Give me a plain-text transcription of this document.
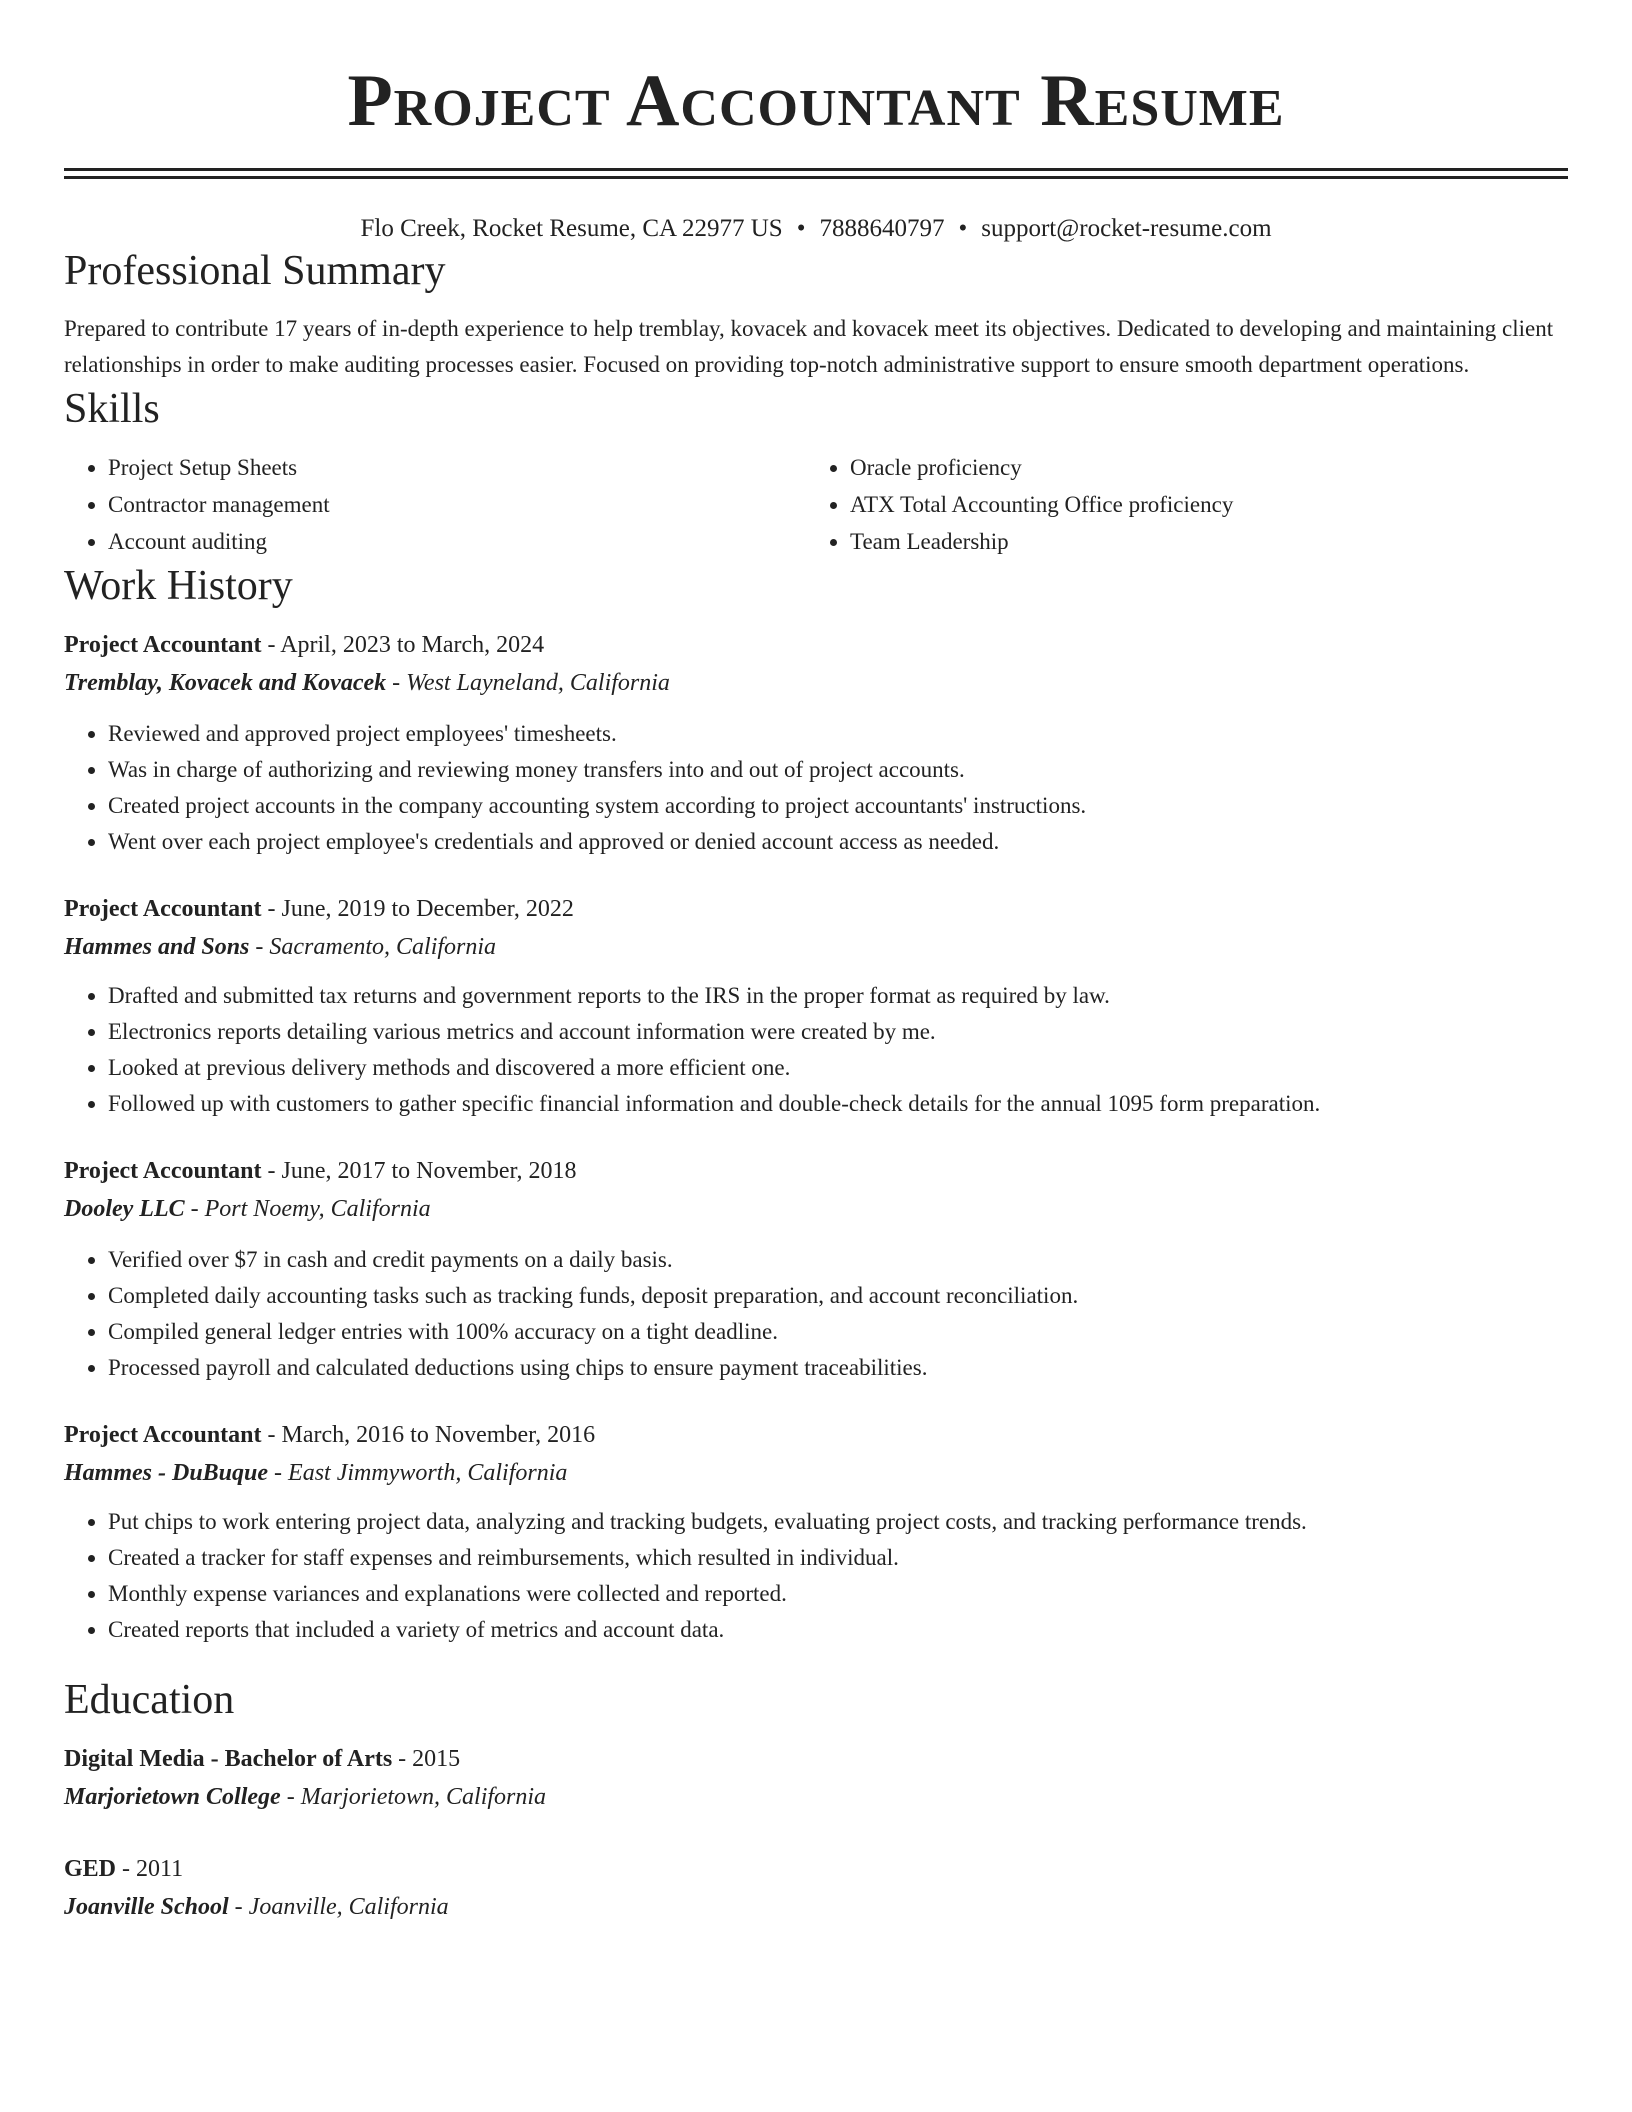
Project Accountant Resume
Flo Creek, Rocket Resume, CA 22977 US • 7888640797 • support@rocket-resume.com
Professional Summary

Prepared to contribute 17 years of in-depth experience to help tremblay, kovacek and kovacek meet its objectives. Dedicated to developing and maintaining client relationships in order to make auditing processes easier. Focused on providing top-notch administrative support to ensure smooth department operations.

Skills
• Project Setup Sheets
• Contractor management
• Account auditing
• Oracle proficiency
• ATX Total Accounting Office proficiency
• Team Leadership
Work History
Project Accountant - April, 2023 to March, 2024
Tremblay, Kovacek and Kovacek - West Layneland, California
• Reviewed and approved project employees' timesheets.
• Was in charge of authorizing and reviewing money transfers into and out of project accounts.
• Created project accounts in the company accounting system according to project accountants' instructions.
• Went over each project employee's credentials and approved or denied account access as needed.
Project Accountant - June, 2019 to December, 2022
Hammes and Sons - Sacramento, California
• Drafted and submitted tax returns and government reports to the IRS in the proper format as required by law.
• Electronics reports detailing various metrics and account information were created by me.
• Looked at previous delivery methods and discovered a more efficient one.
• Followed up with customers to gather specific financial information and double-check details for the annual 1095 form preparation.
Project Accountant - June, 2017 to November, 2018
Dooley LLC - Port Noemy, California
• Verified over $7 in cash and credit payments on a daily basis.
• Completed daily accounting tasks such as tracking funds, deposit preparation, and account reconciliation.
• Compiled general ledger entries with 100% accuracy on a tight deadline.
• Processed payroll and calculated deductions using chips to ensure payment traceabilities.
Project Accountant - March, 2016 to November, 2016
Hammes - DuBuque - East Jimmyworth, California
• Put chips to work entering project data, analyzing and tracking budgets, evaluating project costs, and tracking performance trends.
• Created a tracker for staff expenses and reimbursements, which resulted in individual.
• Monthly expense variances and explanations were collected and reported.
• Created reports that included a variety of metrics and account data.
Education
Digital Media - Bachelor of Arts - 2015
Marjorietown College - Marjorietown, California
GED - 2011
Joanville School - Joanville, California
